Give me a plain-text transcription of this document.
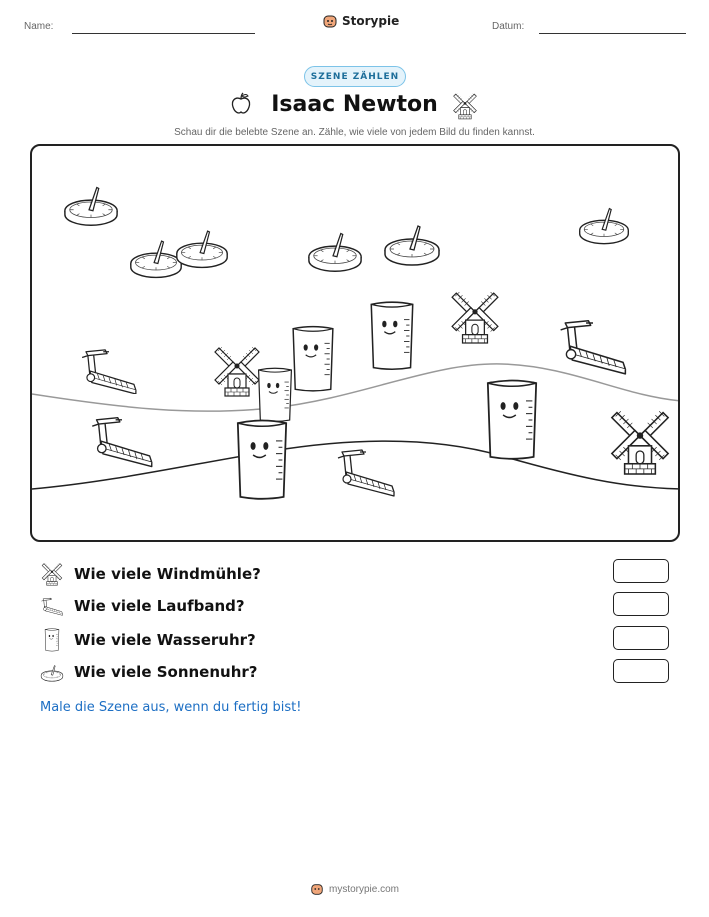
Name:	Storypie	Datum:
SZENE ZÄHLEN
Isaac Newton
Schau dir die belebte Szene an. Zähle, wie viele von jedem Bild du finden kannst.
Wie viele Windmühle?
Wie viele Laufband?
Wie viele Wasseruhr?
Wie viele Sonnenuhr?
Male die Szene aus, wenn du fertig bist!
mystorypie.com
